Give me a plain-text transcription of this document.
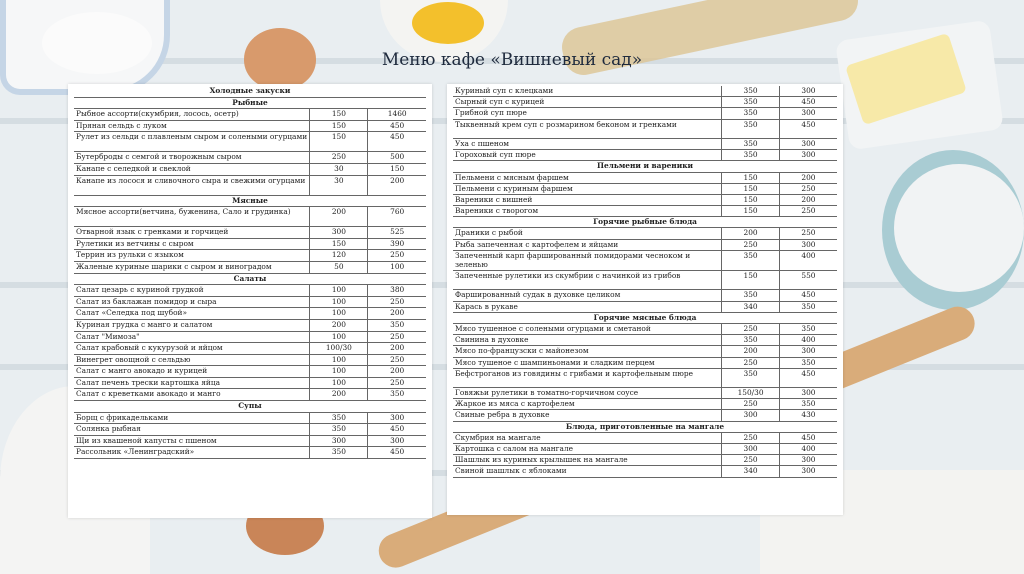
Меню кафе «Вишневый сад»
Холодные закуски		
Рыбные		
Рыбное ассорти(скумбрия, лосось, осетр)	150	1460
Пряная сельдь с луком	150	450
Рулет из сельди с плавленым сыром и солеными огурцами	150	450
Бутерброды с семгой и творожным сыром	250	500
Канапе с селедкой и свеклой	30	150
Канапе из лосося и сливочного сыра и свежими огурцами	30	200
Мясные		
Мясное ассорти(ветчина, буженина, Сало и грудинка)	200	760
Отварной язык с гренками и горчицей	300	525
Рулетики из ветчины с сыром	150	390
Террин из рульки с языком	120	250
Жаленые куриные шарики с сыром и виноградом	50	100
Салаты		
Салат цезарь с куриной грудкой	100	380
Салат из баклажан помидор и сыра	100	250
Салат «Селедка под шубой»	100	200
Куриная грудка с манго и салатом	200	350
Салат "Мимоза"	100	250
Салат крабовый с кукурузой и яйцом	100/30	200
Винегрет овощной с сельдью	100	250
Салат с манго авокадо и курицей	100	200
Салат печень трески картошка яйца	100	250
Салат с креветками авокадо и манго	200	350
Супы		
Борщ с фрикадельками	350	300
Солянка рыбная	350	450
Щи из квашеной капусты с пшеном	300	300
Рассольник «Ленинградский»	350	450
Куриный суп с клецками	350	300
Сырный суп с курицей	350	450
Грибной суп пюре	350	300
Тыквенный крем суп с розмарином беконом и гренками	350	450
Уха с пшеном	350	300
Гороховый суп пюре	350	300
Пельмени и вареники		
Пельмени с мясным фаршем	150	200
Пельмени с куриным фаршем	150	250
Вареники с вишней	150	200
Вареники с творогом	150	250
Горячие рыбные блюда		
Драники с рыбой	200	250
Рыба запеченная с картофелем и яйцами	250	300
Запеченный карп фаршированный помидорами чесноком и зеленью	350	400
Запеченные рулетики из скумбрии с начинкой из грибов	150	550
Фаршированный судак в духовке целиком	350	450
Карась в рукаве	340	350
Горячие мясные блюда		
Мясо тушенное с солеными огурцами и сметаной	250	350
Свинина в духовке	350	400
Мясо по-французски с майонезом	200	300
Мясо тушеное с шампиньонами и сладким перцем	250	350
Бефстроганов из говядины с грибами и картофельным пюре	350	450
Говяжьи рулетики в томатно-горчичном соусе	150/30	300
Жаркое из мяса с картофелем	250	350
Свиные ребра в духовке	300	430
Блюда, приготовленные на мангале		
Скумбрия на мангале	250	450
Картошка с салом на мангале	300	400
Шашлык из куриных крылышек на мангале	250	300
Свиной шашлык с яблоками	340	300
